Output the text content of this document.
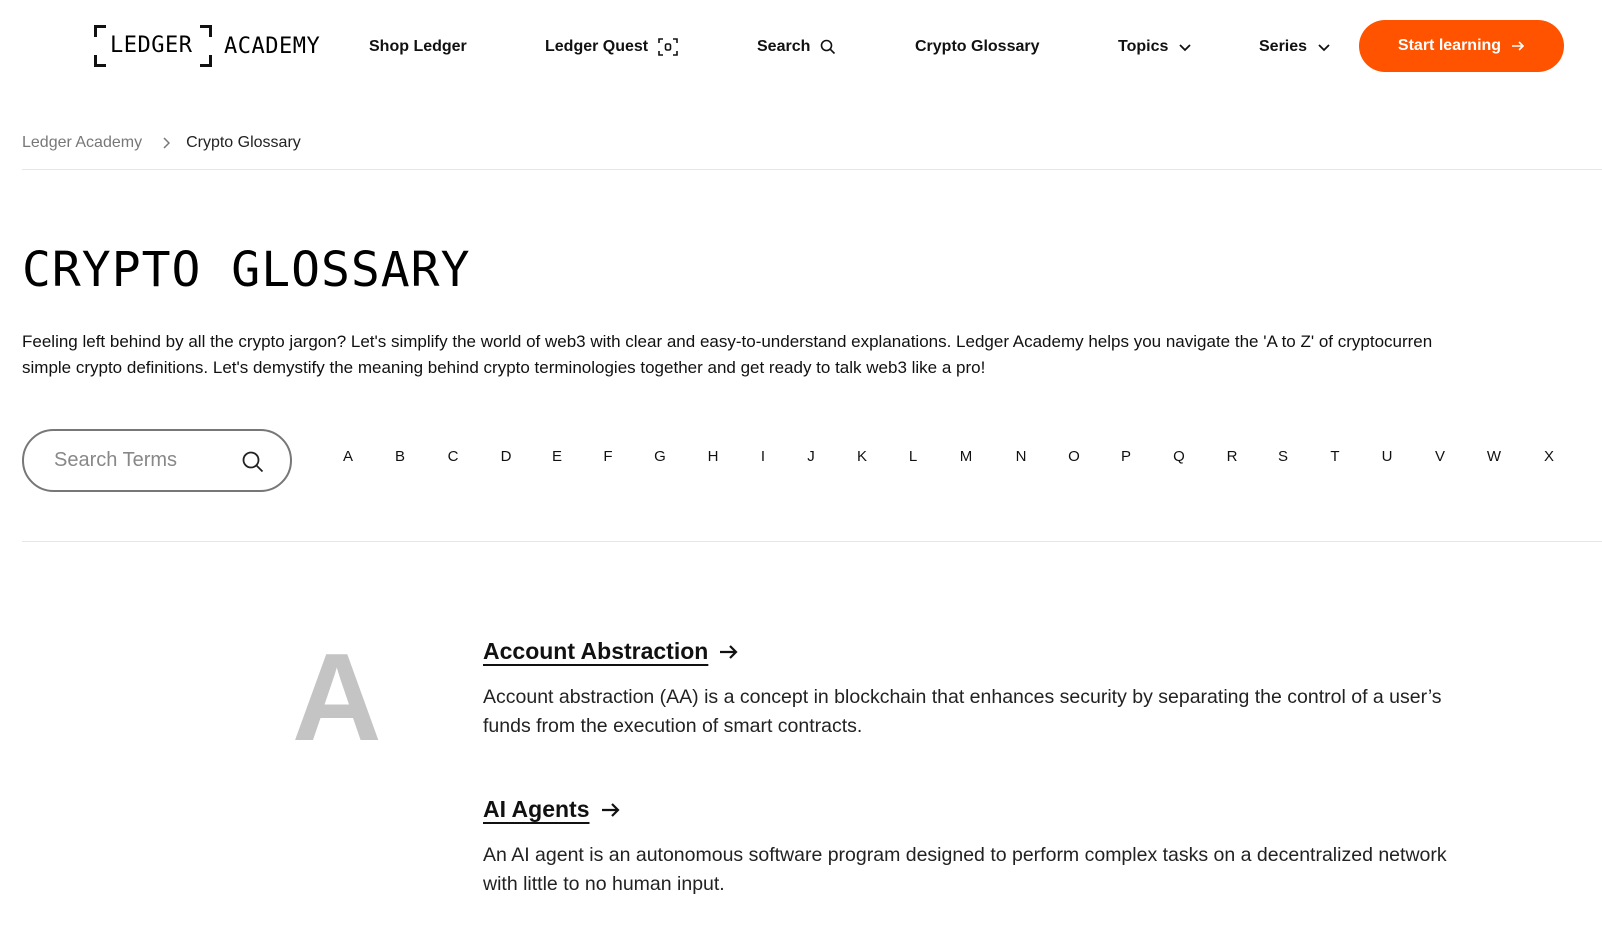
LEDGER ACADEMY	Shop Ledger	Ledger Quest	Search	Crypto Glossary	Topics	Series	Start learning
Ledger Academy	Crypto Glossary
CRYPTO GLOSSARY

Feeling left behind by all the crypto jargon? Let's simplify the world of web3 with clear and easy-to-understand explanations. Ledger Academy helps you navigate the 'A to Z' of cryptocurren
simple crypto definitions. Let's demystify the meaning behind crypto terminologies together and get ready to talk web3 like a pro!

Search Terms
A	B	C	D	E	F	G	H	I	J	K	L	M	N	O	P	Q	R	S	T	U	V	W	X
A	Account Abstraction

Account abstraction (AA) is a concept in blockchain that enhances security by separating the control of a user’s funds from the execution of smart contracts.

AI Agents

An AI agent is an autonomous software program designed to perform complex tasks on a decentralized network with little to no human input.
